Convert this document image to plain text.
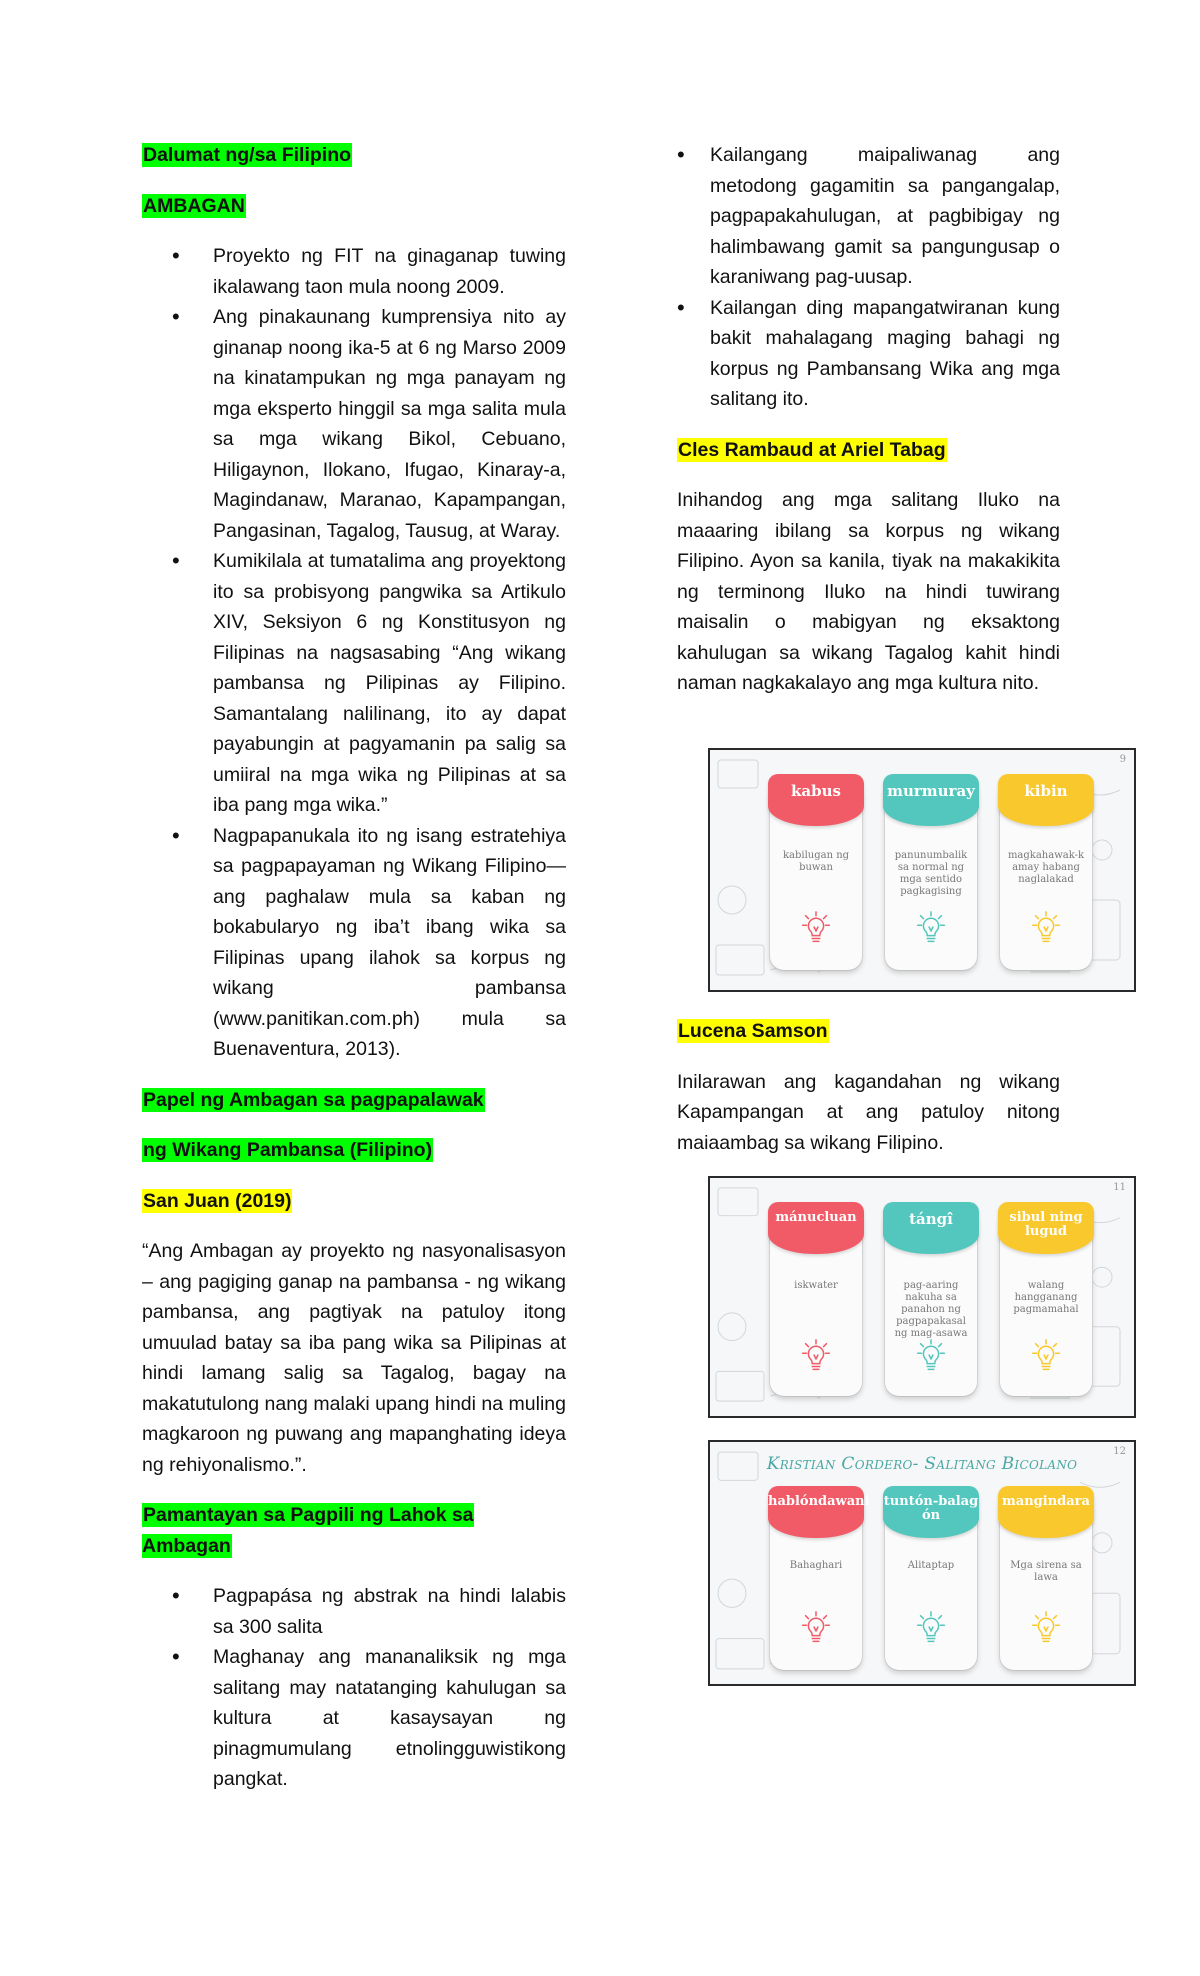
Dalumat ng/sa Filipino

AMBAGAN

• Proyekto ng FIT na ginaganap tuwing ikalawang taon mula noong 2009.
• Ang pinakaunang kumprensiya nito ay ginanap noong ika-5 at 6 ng Marso 2009 na kinatampukan ng mga panayam ng mga eksperto hinggil sa mga salita mula sa mga wikang Bikol, Cebuano, Hiligaynon, Ilokano, Ifugao, Kinaray-a, Magindanaw, Maranao, Kapampangan, Pangasinan, Tagalog, Tausug, at Waray.
• Kumikilala at tumatalima ang proyektong ito sa probisyong pangwika sa Artikulo XIV, Seksiyon 6 ng Konstitusyon ng Filipinas na nagsasabing “Ang wikang pambansa ng Pilipinas ay Filipino. Samantalang nalilinang, ito ay dapat payabungin at pagyamanin pa salig sa umiiral na mga wika ng Pilipinas at sa iba pang mga wika.”
• Nagpapanukala ito ng isang estratehiya sa pagpapayaman ng Wikang Filipino—ang paghalaw mula sa kaban ng bokabularyo ng iba’t ibang wika sa Filipinas upang ilahok sa korpus ng wikang pambansa (www.panitikan.com.ph) mula sa Buenaventura, 2013).

Papel ng Ambagan sa pagpapalawak

ng Wikang Pambansa (Filipino)

San Juan (2019)

“Ang Ambagan ay proyekto ng nasyonalisasyon – ang pagiging ganap na pambansa - ng wikang pambansa, ang pagtiyak na patuloy itong umuulad batay sa iba pang wika sa Pilipinas at hindi lamang salig sa Tagalog, bagay na makatutulong nang malaki upang hindi na muling magkaroon ng puwang ang mapanghating ideya ng rehiyonalismo.”.

Pamantayan sa Pagpili ng Lahok sa Ambagan

• Pagpapása ng abstrak na hindi lalabis sa 300 salita
• Maghanay ang mananaliksik ng mga salitang may natatanging kahulugan sa kultura at kasaysayan ng pinagmumulang etnolingguwistikong pangkat.
• Kailangang maipaliwanag ang metodong gagamitin sa pangangalap, pagpapakahulugan, at pagbibigay ng halimbawang gamit sa pangungusap o karaniwang pag-uusap.
• Kailangan ding mapangatwiranan kung bakit mahalagang maging bahagi ng korpus ng Pambansang Wika ang mga salitang ito.

Cles Rambaud at Ariel Tabag

Inihandog ang mga salitang Iluko na maaaring ibilang sa korpus ng wikang Filipino. Ayon sa kanila, tiyak na makakikita ng terminong Iluko na hindi tuwirang maisalin o mabigyan ng eksaktong kahulugan sa wikang Tagalog kahit hindi naman nagkakalayo ang mga kultura nito.

Lucena Samson

Inilarawan ang kagandahan ng wikang Kapampangan at ang patuloy nitong maiaambag sa wikang Filipino.

9
kabus
kabilugan ng buwan
murmuray
panunumbalik sa normal ng mga sentido pagkagising
kibin
magkahawak-k amay habang naglalakad
11
mánucluan
iskwater
tángî
pag-aaring nakuha sa panahon ng pagpapakasal ng mag-asawa
sibul ning lugud
walang hangganang pagmamahal
12
Kristian Cordero- Salitang Bicolano
hablóndawani
Bahaghari
tuntón-balag ón
Alitaptap
mangindara
Mga sirena sa lawa
